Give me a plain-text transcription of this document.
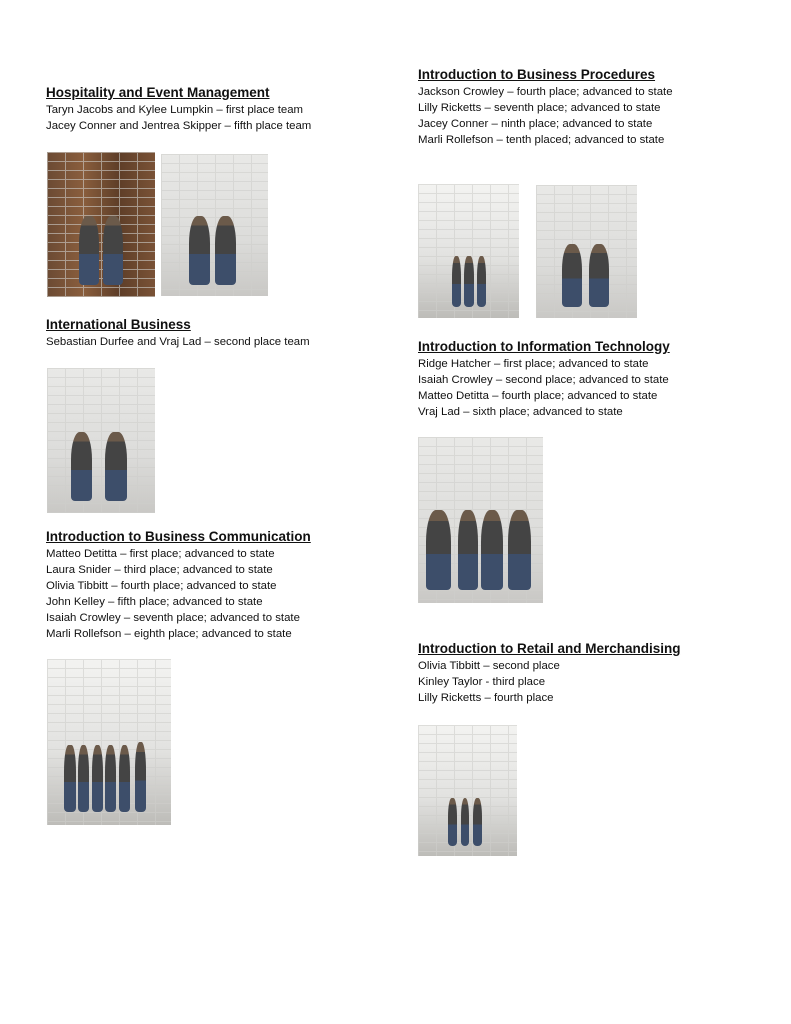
Hospitality and Event Management
Taryn Jacobs and Kylee Lumpkin – first place team
Jacey Conner and Jentrea Skipper – fifth place team
International Business
Sebastian Durfee and Vraj Lad – second place team
Introduction to Business Communication
Matteo Detitta – first place; advanced to state
Laura Snider – third place; advanced to state
Olivia Tibbitt – fourth place; advanced to state
John Kelley – fifth place; advanced to state
Isaiah Crowley – seventh place; advanced to state
Marli Rollefson – eighth place; advanced to state
Introduction to Business Procedures
Jackson Crowley – fourth place; advanced to state
Lilly Ricketts – seventh place; advanced to state
Jacey Conner – ninth place; advanced to state
Marli Rollefson – tenth placed; advanced to state
Introduction to Information Technology
Ridge Hatcher – first place; advanced to state
Isaiah Crowley – second place; advanced to state
Matteo Detitta – fourth place; advanced to state
Vraj Lad – sixth place; advanced to state
Introduction to Retail and Merchandising
Olivia Tibbitt – second place
Kinley Taylor - third place
Lilly Ricketts – fourth place
